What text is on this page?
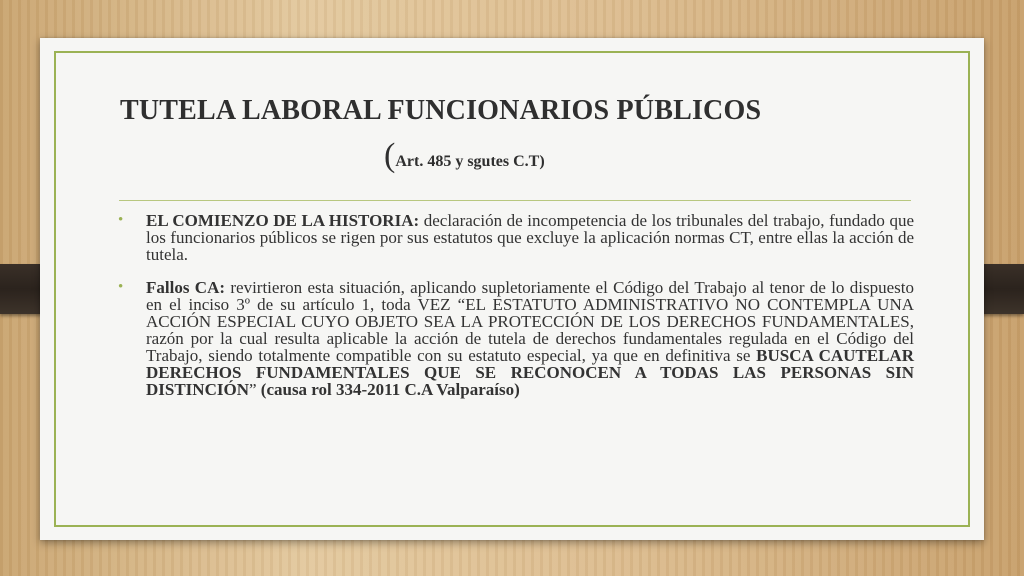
TUTELA LABORAL FUNCIONARIOS PÚBLICOS
(Art. 485 y sgutes C.T)
• EL COMIENZO DE LA HISTORIA: declaración de incompetencia de los tribunales del trabajo, fundado que los funcionarios públicos se rigen por sus estatutos que excluye la aplicación normas CT, entre ellas la acción de tutela.
• Fallos CA: revirtieron esta situación, aplicando supletoriamente el Código del Trabajo al tenor de lo dispuesto en el inciso 3º de su artículo 1, toda VEZ “EL ESTATUTO ADMINISTRATIVO NO CONTEMPLA UNA ACCIÓN ESPECIAL CUYO OBJETO SEA LA PROTECCIÓN DE LOS DERECHOS FUNDAMENTALES, razón por la cual resulta aplicable la acción de tutela de derechos fundamentales regulada en el Código del Trabajo, siendo totalmente compatible con su estatuto especial, ya que en definitiva se BUSCA CAUTELAR DERECHOS FUNDAMENTALES QUE SE RECONOCEN A TODAS LAS PERSONAS SIN DISTINCIÓN” (causa rol 334-2011 C.A Valparaíso)
